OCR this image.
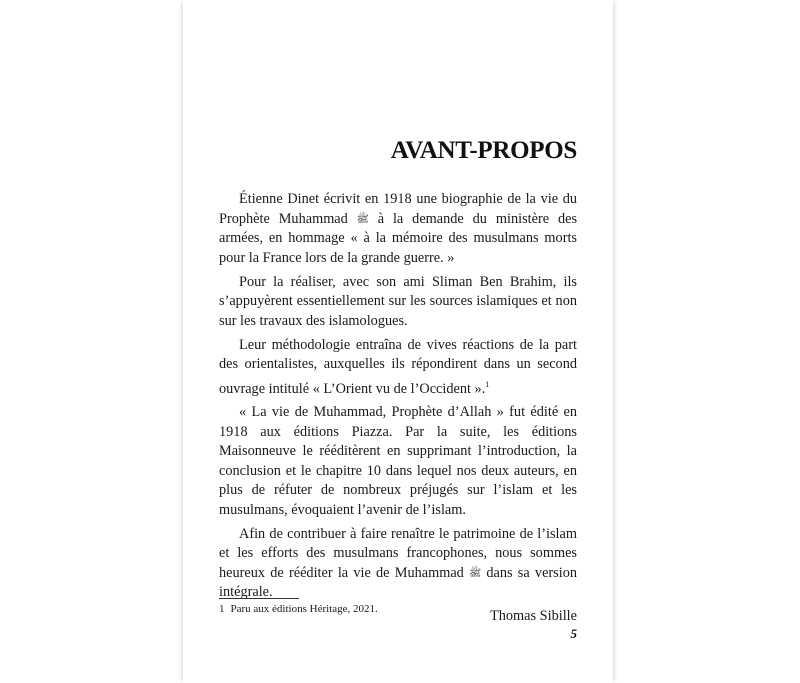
AVANT-PROPOS

Étienne Dinet écrivit en 1918 une biographie de la vie du Prophète Muhammad ﷺ à la demande du ministère des armées, en hommage « à la mémoire des musulmans morts pour la France lors de la grande guerre. »

Pour la réaliser, avec son ami Sliman Ben Brahim, ils s’appuyèrent essentiellement sur les sources islamiques et non sur les travaux des islamologues.

Leur méthodologie entraîna de vives réactions de la part des orientalistes, auxquelles ils répondirent dans un second ouvrage intitulé « L’Orient vu de l’Occident ».$^1$

« La vie de Muhammad, Prophète d’Allah » fut édité en 1918 aux éditions Piazza. Par la suite, les éditions Maisonneuve le rééditèrent en supprimant l’introduction, la conclusion et le chapitre 10 dans lequel nos deux auteurs, en plus de réfuter de nombreux préjugés sur l’islam et les musulmans, évoquaient l’avenir de l’islam.

Afin de contribuer à faire renaître le patrimoine de l’islam et les efforts des musulmans francophones, nous sommes heureux de rééditer la vie de Muhammad ﷺ dans sa version intégrale.

Thomas Sibille
1 Paru aux éditions Héritage, 2021.
5
